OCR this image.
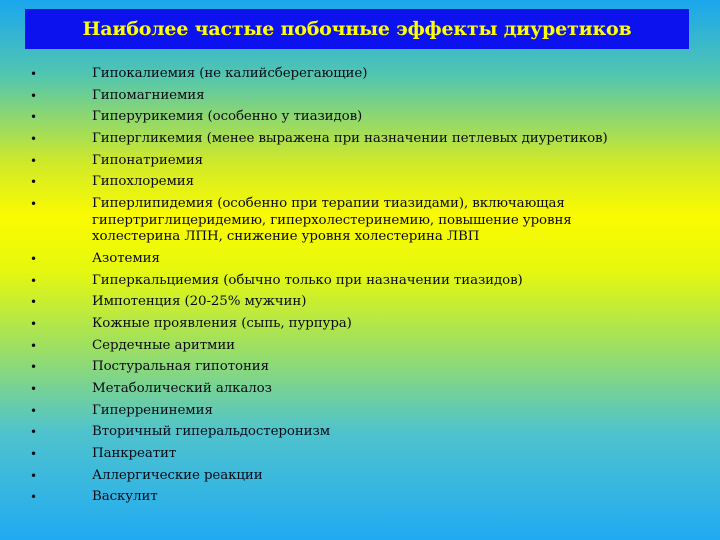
Наиболее частые побочные эффекты диуретиков
•	Гипокалиемия (не калийсберегающие)
•	Гипомагниемия
•	Гиперурикемия (особенно у тиазидов)
•	Гипергликемия (менее выражена при назначении петлевых диуретиков)
•	Гипонатриемия
•	Гипохлоремия
•	Гиперлипидемия (особенно при терапии тиазидами), включающая гипертриглицеридемию, гиперхолестеринемию, повышение уровня холестерина ЛПН, снижение уровня холестерина ЛВП
•	Азотемия
•	Гиперкальциемия (обычно только при назначении тиазидов)
•	Импотенция (20-25% мужчин)
•	Кожные проявления (сыпь, пурпура)
•	Сердечные аритмии
•	Постуральная гипотония
•	Метаболический алкалоз
•	Гиперренинемия
•	Вторичный гиперальдостеронизм
•	Панкреатит
•	Аллергические реакции
•	Васкулит
